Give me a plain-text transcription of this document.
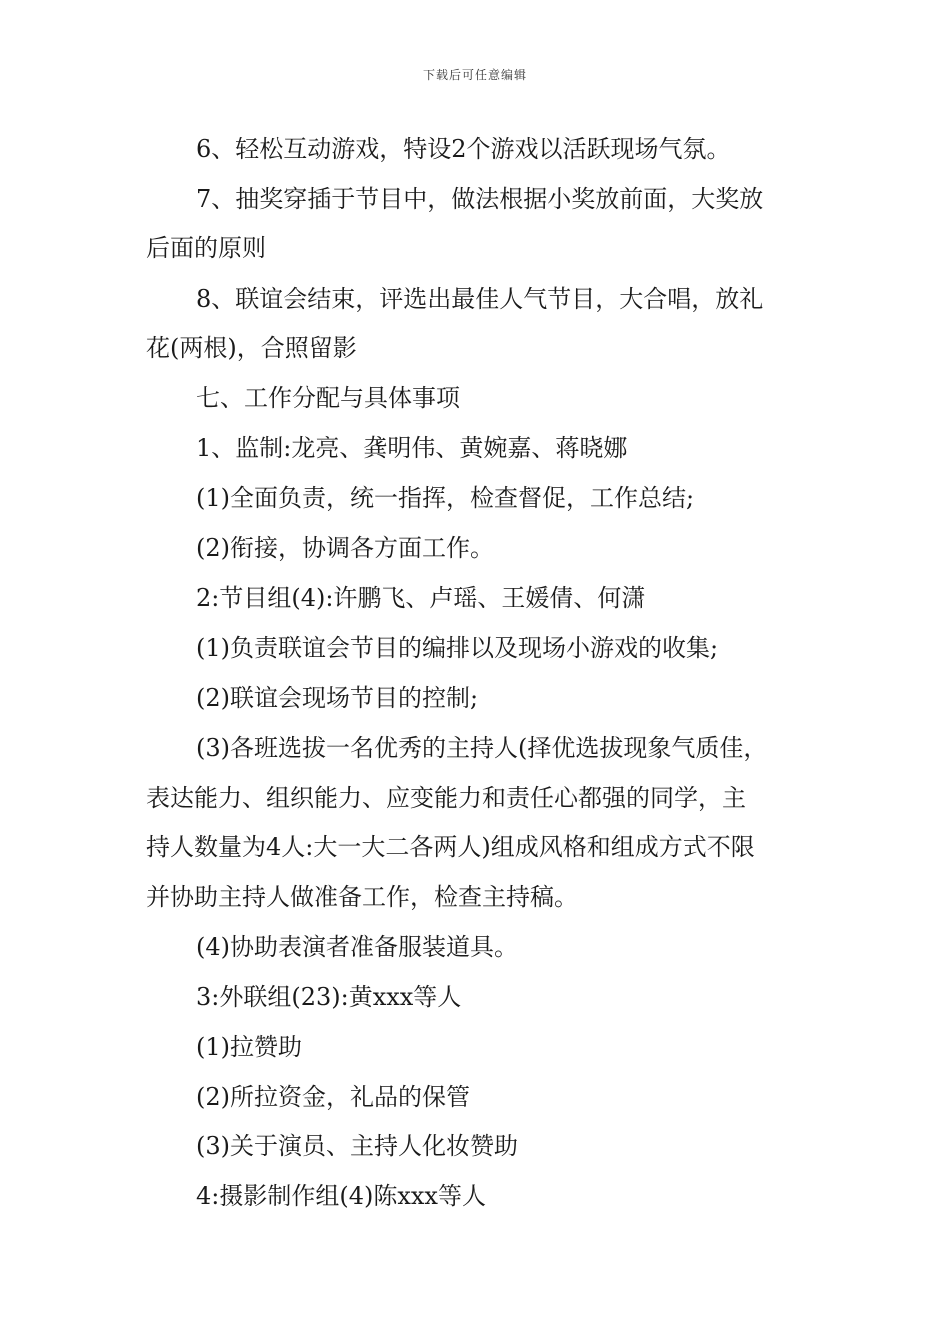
下载后可任意编辑
6、轻松互动游戏，特设2个游戏以活跃现场气氛。
7、抽奖穿插于节目中，做法根据小奖放前面，大奖放
后面的原则
8、联谊会结束，评选出最佳人气节目，大合唱，放礼
花(两根)，合照留影
七、工作分配与具体事项
1、监制:龙亮、龚明伟、黄婉嘉、蒋晓娜
(1)全面负责，统一指挥，检查督促，工作总结;
(2)衔接，协调各方面工作。
2:节目组(4):许鹏飞、卢瑶、王媛倩、何潇
(1)负责联谊会节目的编排以及现场小游戏的收集;
(2)联谊会现场节目的控制;
(3)各班选拔一名优秀的主持人(择优选拔现象气质佳，
表达能力、组织能力、应变能力和责任心都强的同学，主
持人数量为4人:大一大二各两人)组成风格和组成方式不限
并协助主持人做准备工作，检查主持稿。
(4)协助表演者准备服装道具。
3:外联组(23):黄xxx等人
(1)拉赞助
(2)所拉资金，礼品的保管
(3)关于演员、主持人化妆赞助
4:摄影制作组(4)陈xxx等人
